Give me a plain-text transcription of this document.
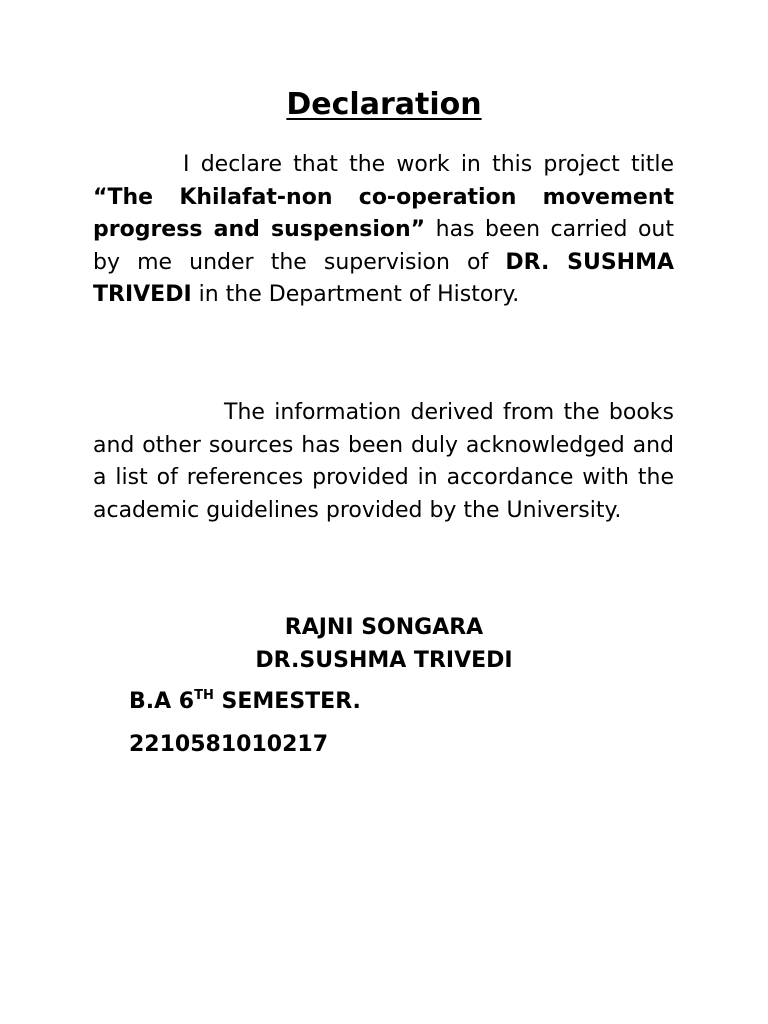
Declaration

I declare that the work in this project title “The Khilafat-non co-operation movement progress and suspension” has been carried out by me under the supervision of DR. SUSHMA TRIVEDI in the Department of History.

The information derived from the books and other sources has been duly acknowledged and a list of references provided in accordance with the academic guidelines provided by the University.

RAJNI SONGARA
DR.SUSHMA TRIVEDI
B.A 6TH SEMESTER.
2210581010217
